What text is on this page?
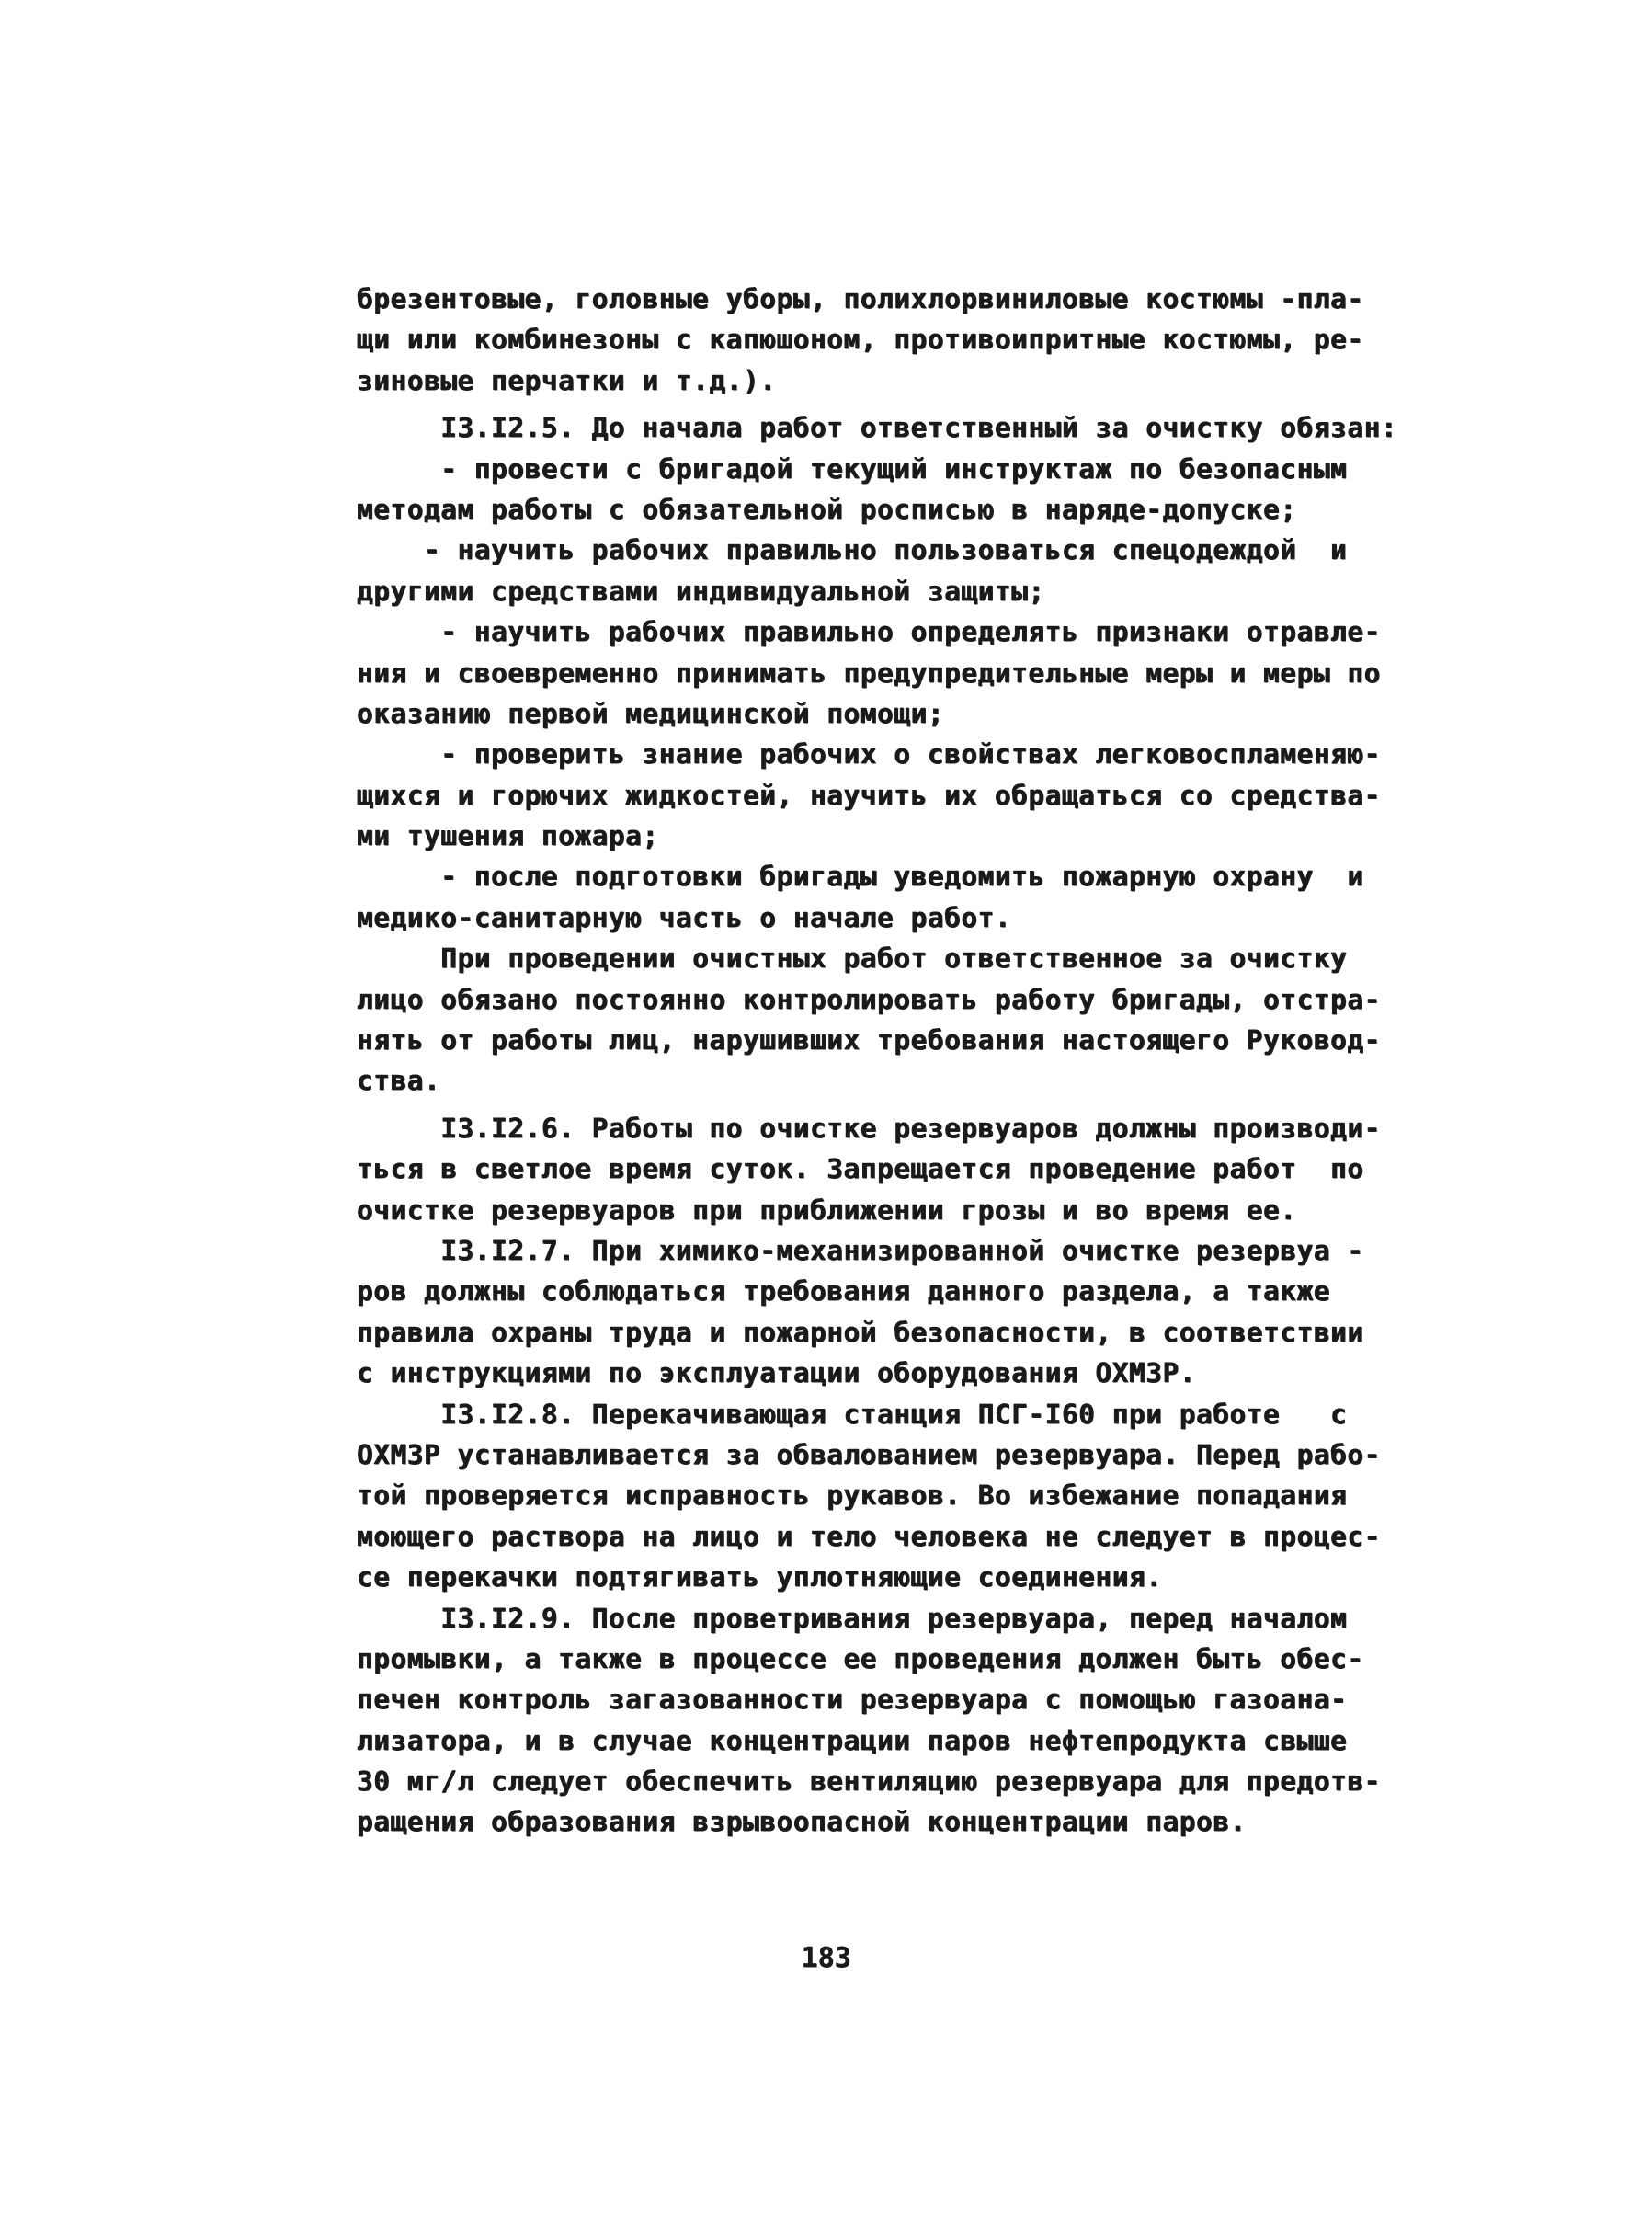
брезентовые, головные уборы, полихлорвиниловые костюмы -пла-
щи или комбинезоны с капюшоном, противоипритные костюмы, ре-
зиновые перчатки и т.д.).
I3.I2.5. До начала работ ответственный за очистку обязан:
- провести с бригадой текущий инструктаж по безопасным
методам работы с обязательной росписью в наряде-допуске;
- научить рабочих правильно пользоваться спецодеждой  и
другими средствами индивидуальной защиты;
- научить рабочих правильно определять признаки отравле-
ния и своевременно принимать предупредительные меры и меры по
оказанию первой медицинской помощи;
- проверить знание рабочих о свойствах легковоспламеняю-
щихся и горючих жидкостей, научить их обращаться со средства-
ми тушения пожара;
- после подготовки бригады уведомить пожарную охрану  и
медико-санитарную часть о начале работ.
При проведении очистных работ ответственное за очистку
лицо обязано постоянно контролировать работу бригады, отстра-
нять от работы лиц, нарушивших требования настоящего Руковод-
ства.
I3.I2.6. Работы по очистке резервуаров должны производи-
ться в светлое время суток. Запрещается проведение работ  по
очистке резервуаров при приближении грозы и во время ее.
I3.I2.7. При химико-механизированной очистке резервуа -
ров должны соблюдаться требования данного раздела, а также
правила охраны труда и пожарной безопасности, в соответствии
с инструкциями по эксплуатации оборудования ОХМЗР.
I3.I2.8. Перекачивающая станция ПСГ-I60 при работе   с
ОХМЗР устанавливается за обвалованием резервуара. Перед рабо-
той проверяется исправность рукавов. Во избежание попадания
моющего раствора на лицо и тело человека не следует в процес-
се перекачки подтягивать уплотняющие соединения.
I3.I2.9. После проветривания резервуара, перед началом
промывки, а также в процессе ее проведения должен быть обес-
печен контроль загазованности резервуара с помощью газоана-
лизатора, и в случае концентрации паров нефтепродукта свыше
30 мг/л следует обеспечить вентиляцию резервуара для предотв-
ращения образования взрывоопасной концентрации паров.
183
